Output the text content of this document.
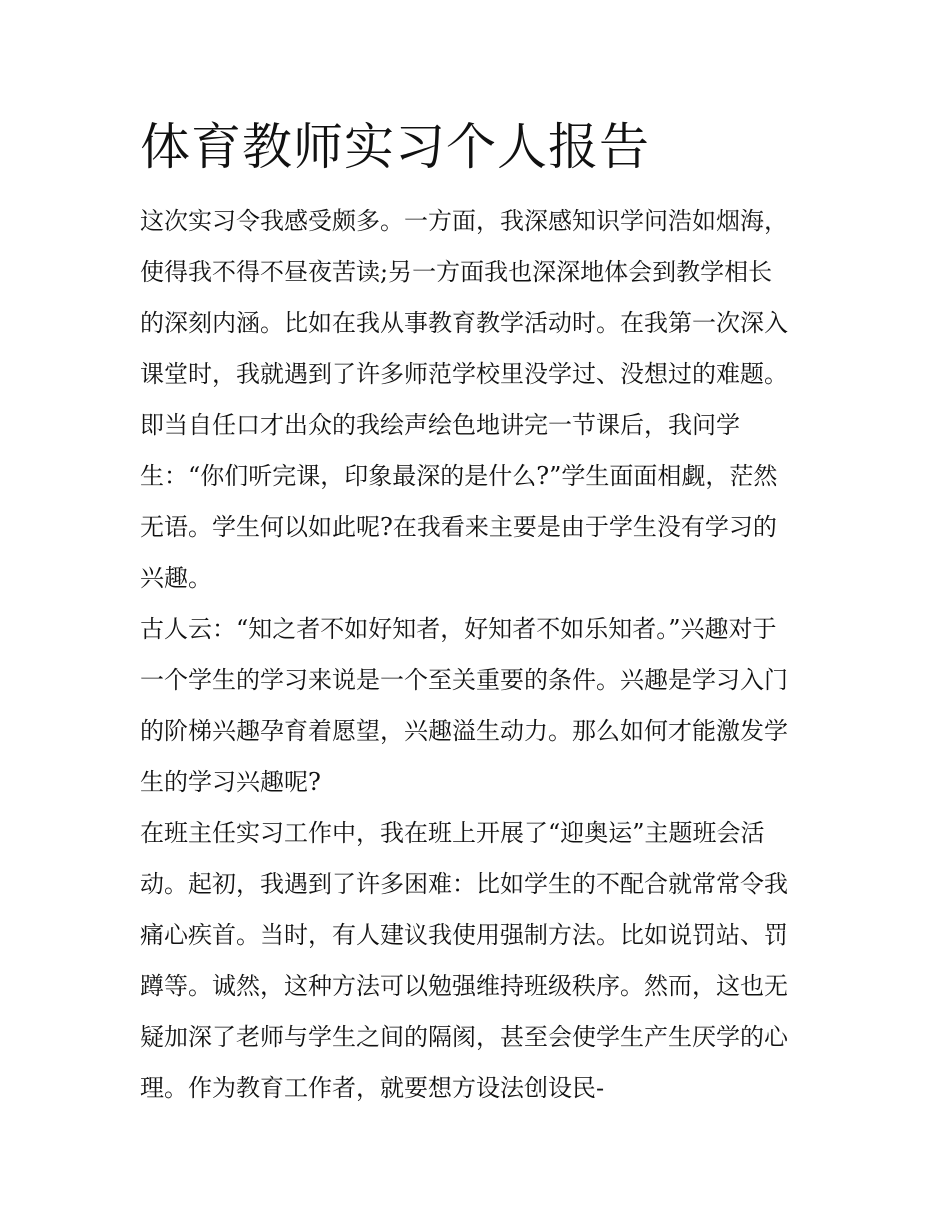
体育教师实习个人报告

这次实习令我感受颇多。一方面，我深感知识学问浩如烟海，

使得我不得不昼夜苦读;另一方面我也深深地体会到教学相长

的深刻内涵。比如在我从事教育教学活动时。在我第一次深入

课堂时，我就遇到了许多师范学校里没学过、没想过的难题。

即当自任口才出众的我绘声绘色地讲完一节课后，我问学

生：“你们听完课，印象最深的是什么?”学生面面相觑，茫然

无语。学生何以如此呢?在我看来主要是由于学生没有学习的

兴趣。

古人云：“知之者不如好知者，好知者不如乐知者。”兴趣对于

一个学生的学习来说是一个至关重要的条件。兴趣是学习入门

的阶梯兴趣孕育着愿望，兴趣溢生动力。那么如何才能激发学

生的学习兴趣呢?

在班主任实习工作中，我在班上开展了“迎奥运”主题班会活

动。起初，我遇到了许多困难：比如学生的不配合就常常令我

痛心疾首。当时，有人建议我使用强制方法。比如说罚站、罚

蹲等。诚然，这种方法可以勉强维持班级秩序。然而，这也无

疑加深了老师与学生之间的隔阂，甚至会使学生产生厌学的心

理。作为教育工作者，就要想方设法创设民-
